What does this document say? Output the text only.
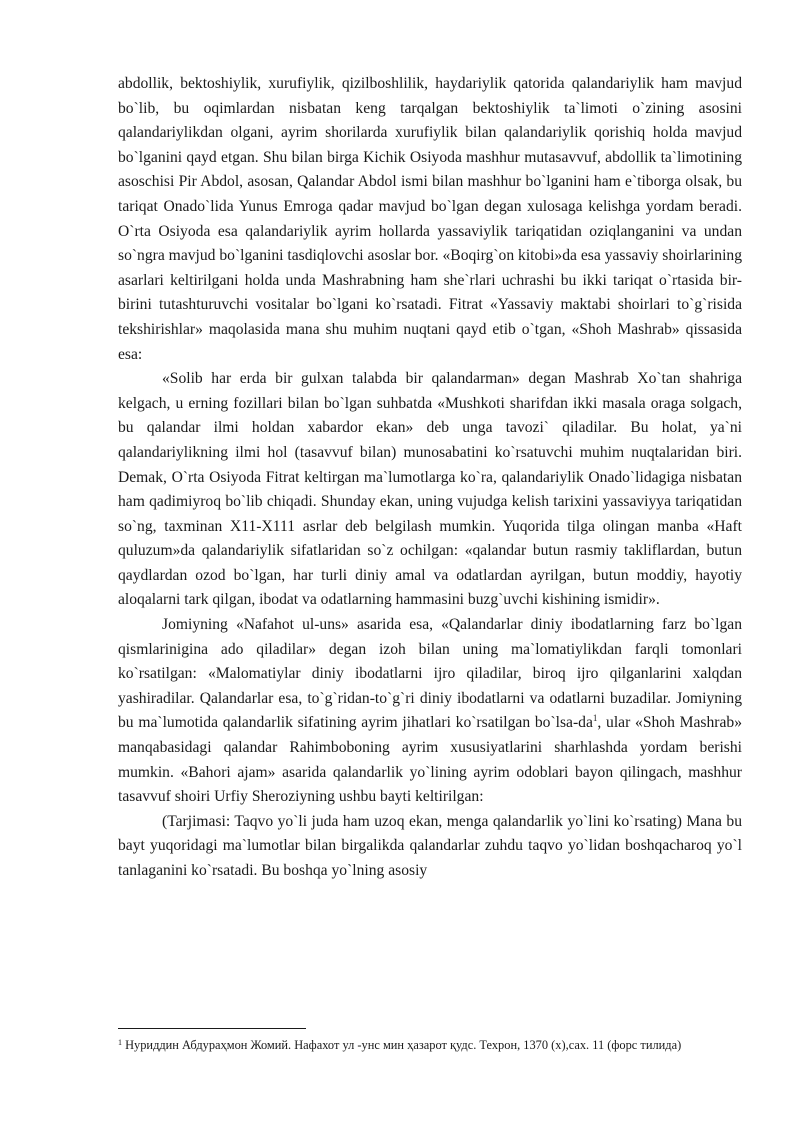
abdollik, bektoshiylik, xurufiylik, qizilboshlilik, haydariylik qatorida qalandariylik ham mavjud bo`lib, bu oqimlardan nisbatan keng tarqalgan bektoshiylik ta`limoti o`zining asosini qalandariylikdan olgani, ayrim shorilarda xurufiylik bilan qalandariylik qorishiq holda mavjud bo`lganini qayd etgan. Shu bilan birga Kichik Osiyoda mashhur mutasavvuf, abdollik ta`limotining asoschisi Pir Abdol, asosan, Qalandar Abdol ismi bilan mashhur bo`lganini ham e`tiborga olsak, bu tariqat Onado`lida Yunus Emroga qadar mavjud bo`lgan degan xulosaga kelishga yordam beradi. O`rta Osiyoda esa qalandariylik ayrim hollarda yassaviylik tariqatidan oziqlanganini va undan so`ngra mavjud bo`lganini tasdiqlovchi asoslar bor. «Boqirg`on kitobi»da esa yassaviy shoirlarining asarlari keltirilgani holda unda Mashrabning ham she`rlari uchrashi bu ikki tariqat o`rtasida bir-birini tutashturuvchi vositalar bo`lgani ko`rsatadi. Fitrat «Yassaviy maktabi shoirlari to`g`risida tekshirishlar» maqolasida mana shu muhim nuqtani qayd etib o`tgan, «Shoh Mashrab» qissasida esa:

«Solib har erda bir gulxan talabda bir qalandarman» degan Mashrab Xo`tan shahriga kelgach, u erning fozillari bilan bo`lgan suhbatda «Mushkoti sharifdan ikki masala oraga solgach, bu qalandar ilmi holdan xabardor ekan» deb unga tavozi` qiladilar. Bu holat, ya`ni qalandariylikning ilmi hol (tasavvuf bilan) munosabatini ko`rsatuvchi muhim nuqtalaridan biri. Demak, O`rta Osiyoda Fitrat keltirgan ma`lumotlarga ko`ra, qalandariylik Onado`lidagiga nisbatan ham qadimiyroq bo`lib chiqadi. Shunday ekan, uning vujudga kelish tarixini yassaviyya tariqatidan so`ng, taxminan X11-X111 asrlar deb belgilash mumkin. Yuqorida tilga olingan manba «Haft quluzum»da qalandariylik sifatlaridan so`z ochilgan: «qalandar butun rasmiy takliflardan, butun qaydlardan ozod bo`lgan, har turli diniy amal va odatlardan ayrilgan, butun moddiy, hayotiy aloqalarni tark qilgan, ibodat va odatlarning hammasini buzg`uvchi kishining ismidir».

Jomiyning «Nafahot ul-uns» asarida esa, «Qalandarlar diniy ibodatlarning farz bo`lgan qismlarinigina ado qiladilar» degan izoh bilan uning ma`lomatiylikdan farqli tomonlari ko`rsatilgan: «Malomatiylar diniy ibodatlarni ijro qiladilar, biroq ijro qilganlarini xalqdan yashiradilar. Qalandarlar esa, to`g`ridan-to`g`ri diniy ibodatlarni va odatlarni buzadilar. Jomiyning bu ma`lumotida qalandarlik sifatining ayrim jihatlari ko`rsatilgan bo`lsa-da$^1$, ular «Shoh Mashrab» manqabasidagi qalandar Rahimboboning ayrim xususiyatlarini sharhlashda yordam berishi mumkin. «Bahori ajam» asarida qalandarlik yo`lining ayrim odoblari bayon qilingach, mashhur tasavvuf shoiri Urfiy Sheroziyning ushbu bayti keltirilgan:

(Tarjimasi: Taqvo yo`li juda ham uzoq ekan, menga qalandarlik yo`lini ko`rsating) Mana bu bayt yuqoridagi ma`lumotlar bilan birgalikda qalandarlar zuhdu taqvo yo`lidan boshqacharoq yo`l tanlaganini ko`rsatadi. Bu boshqa yo`lning asosiy

$^1$ Нуриддин Абдураҳмон Жомий. Нафахот ул -унс мин ҳазарот қудс. Техрон, 1370 (х),сах. 11 (форс тилида)
